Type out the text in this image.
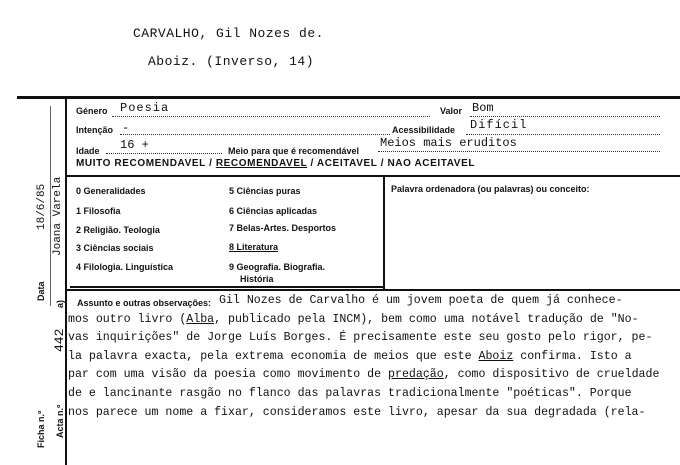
CARVALHO, Gil Nozes de.
Aboiz. (Inverso, 14)
Data
18/6/85 Joana Varela
Ficha n.º Acta n.º
442
a)
Género Poesia	Valor Bom
Intenção -	Acessibilidade Difícil
Idade 16 +	Meio para que é recomendável
Meios mais eruditos
MUITO RECOMENDAVEL / RECOMENDAVEL / ACEITAVEL / NAO ACEITAVEL
0 Generalidades
1 Filosofia
2 Religião. Teologia
3 Ciências sociais
4 Filologia. Linguística
5 Ciências puras
6 Ciências aplicadas
7 Belas-Artes. Desportos
8 Literatura
9 Geografia. Biografia.
História
Palavra ordenadora (ou palavras) ou conceito:
Assunto e outras observações: Gil Nozes de Carvalho é um jovem poeta de quem já conhece-
mos outro livro (Alba, publicado pela INCM), bem como uma notável tradução de "No-
vas inquirições" de Jorge Luís Borges. É precisamente este seu gosto pelo rigor, pe-
la palavra exacta, pela extrema economia de meios que este Aboiz confirma. Isto a
par com uma visão da poesia como movimento de predação, como dispositivo de crueldade
de e lancinante rasgão no flanco das palavras tradicionalmente "poéticas". Porque
nos parece um nome a fixar, consideramos este livro, apesar da sua degradada (rela-
